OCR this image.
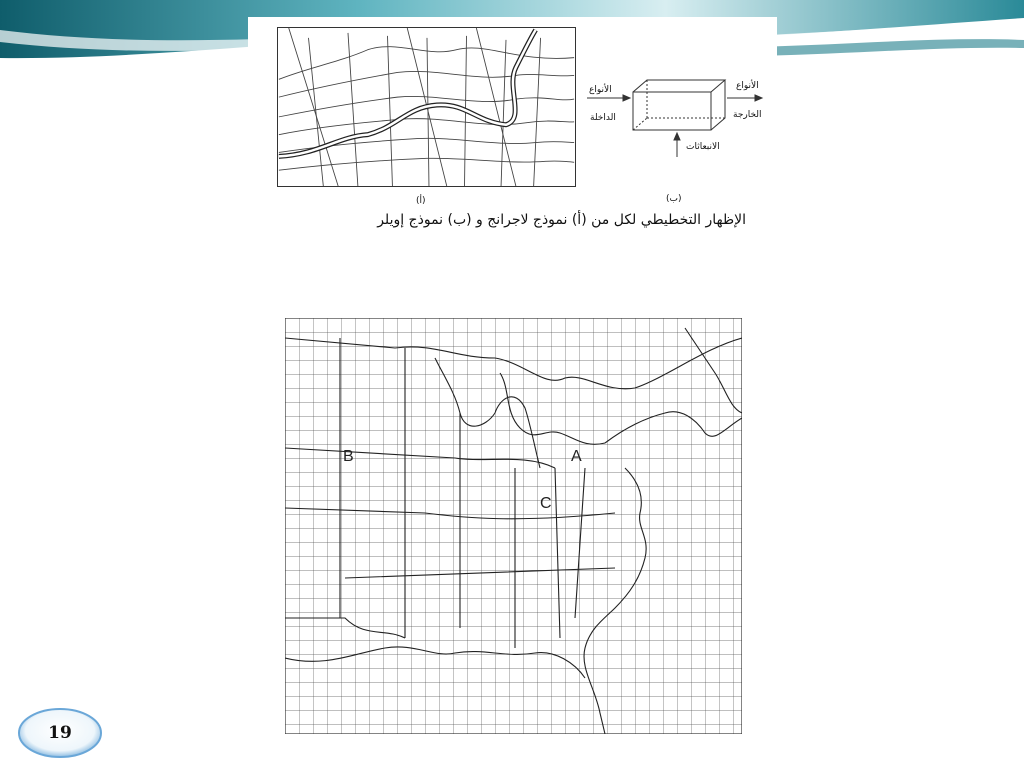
(أ)
الأنواع
الداخلة
الأنواع
الخارجة
الانبعاثات
(ب)
الإظهار التخطيطي لكل من (أ) نموذج لاجرانج و (ب) نموذج إويلر
B	A
C
19
